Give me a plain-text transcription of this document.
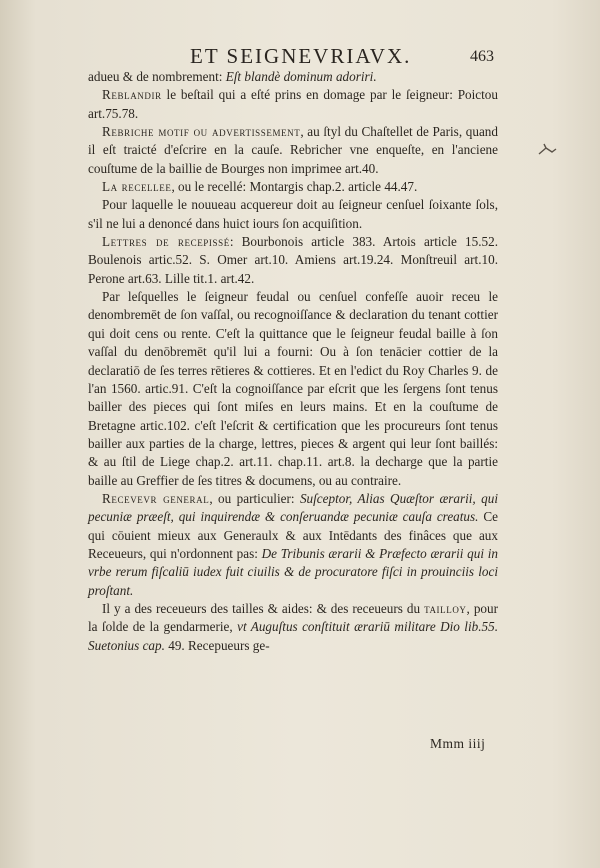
ET SEIGNEVRIAVX.	463

adueu & de nombrement: Eſt blandè dominum adoriri.

Reblandir le beſtail qui a eſté prins en domage par le ſeigneur: Poictou art.75.78.

Rebriche motif ou advertissement, au ſtyl du Chaſtellet de Paris, quand il eſt traicté d'eſcrire en la cauſe. Rebricher vne enqueſte, en l'anciene couſtume de la baillie de Bourges non imprimee art.40.

La recellee, ou le recellé: Montargis chap.2. article 44.47.

Pour laquelle le nouueau acquereur doit au ſeigneur cenſuel ſoixante ſols, s'il ne lui a denoncé dans huict iours ſon acquiſition.

Lettres de recepissé: Bourbonois article 383. Artois article 15.52. Boulenois artic.52. S. Omer art.10. Amiens art.19.24. Monſtreuil art.10. Perone art.63. Lille tit.1. art.42.

Par leſquelles le ſeigneur feudal ou cenſuel confeſſe auoir receu le denombremēt de ſon vaſſal, ou recognoiſſance & declaration du tenant cottier qui doit cens ou rente. C'eſt la quittance que le ſeigneur feudal baille à ſon vaſſal du denōbremēt qu'il lui a fourni: Ou à ſon tenācier cottier de la declaratiō de ſes terres rētieres & cottieres. Et en l'edict du Roy Charles 9. de l'an 1560. artic.91. C'eſt la cognoiſſance par eſcrit que les ſergens ſont tenus bailler des pieces qui ſont miſes en leurs mains. Et en la couſtume de Bretagne artic.102. c'eſt l'eſcrit & certification que les procureurs ſont tenus bailler aux parties de la charge, lettres, pieces & argent qui leur ſont baillés: & au ſtil de Liege chap.2. art.11. chap.11. art.8. la decharge que la partie baille au Greffier de ſes titres & documens, ou au contraire.

Recevevr general, ou particulier: Suſceptor, Alias Quæſtor ærarii, qui pecuniæ præeſt, qui inquirendæ & conſeruandæ pecuniæ cauſa creatus. Ce qui cōuient mieux aux Generaulx & aux Intēdants des finâces que aux Receueurs, qui n'ordonnent pas: De Tribunis ærarii & Præfecto ærarii qui in vrbe rerum fiſcaliū iudex fuit ciuilis & de procuratore fiſci in prouinciis loci proſtant.

Il y a des receueurs des tailles & aides: & des receueurs du tailloy, pour la ſolde de la gendarmerie, vt Auguſtus conſtituit ærariū militare Dio lib.55. Suetonius cap. 49. Recepueurs ge-

Mmm iiij
